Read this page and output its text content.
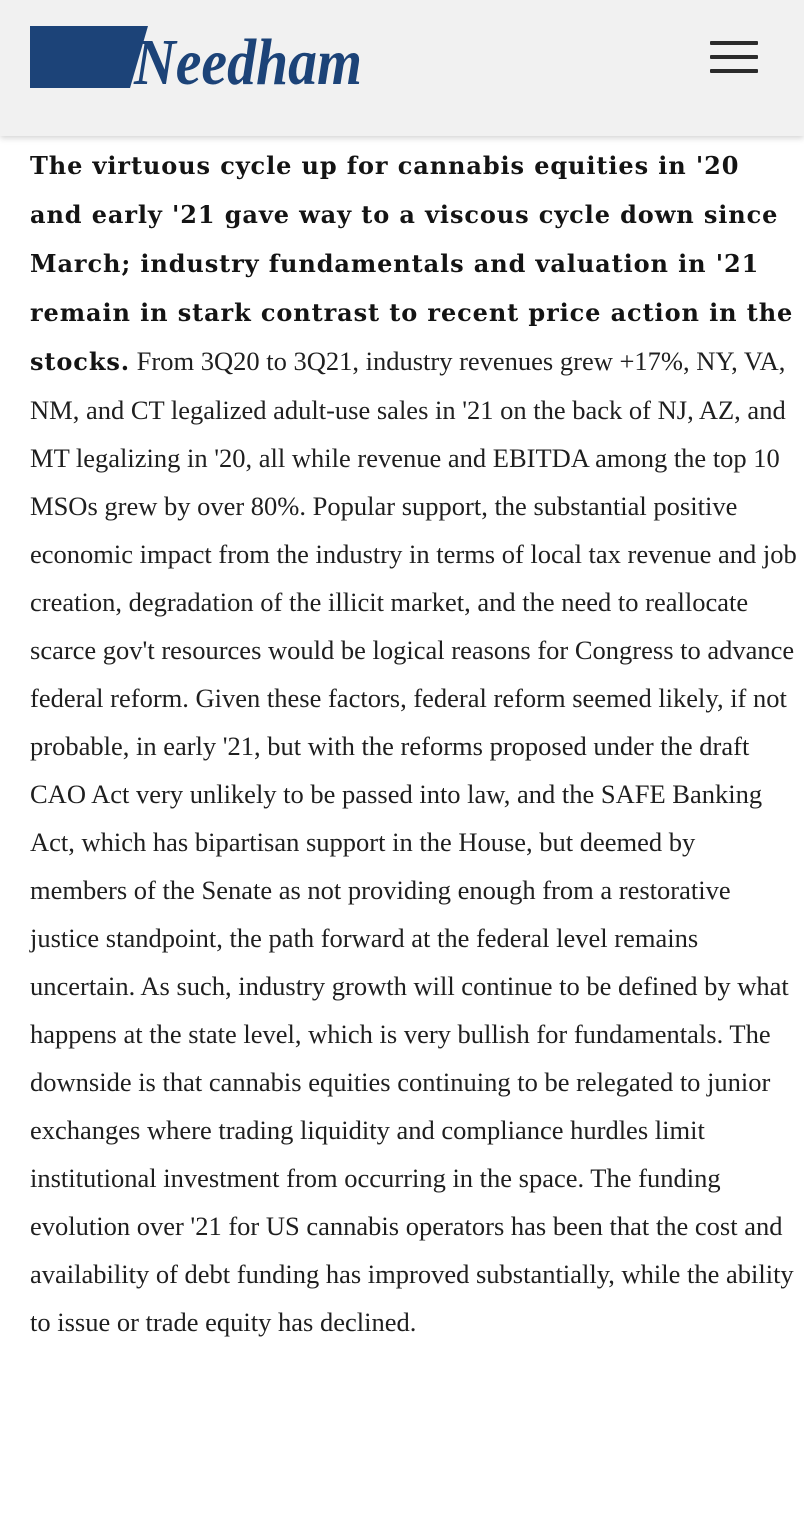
Needham

The virtuous cycle up for cannabis equities in '20 and early '21 gave way to a viscous cycle down since March; industry fundamentals and valuation in '21 remain in stark contrast to recent price action in the stocks. From 3Q20 to 3Q21, industry revenues grew +17%, NY, VA, NM, and CT legalized adult-use sales in '21 on the back of NJ, AZ, and MT legalizing in '20, all while revenue and EBITDA among the top 10 MSOs grew by over 80%. Popular support, the substantial positive economic impact from the industry in terms of local tax revenue and job creation, degradation of the illicit market, and the need to reallocate scarce gov't resources would be logical reasons for Congress to advance federal reform. Given these factors, federal reform seemed likely, if not probable, in early '21, but with the reforms proposed under the draft CAO Act very unlikely to be passed into law, and the SAFE Banking Act, which has bipartisan support in the House, but deemed by members of the Senate as not providing enough from a restorative justice standpoint, the path forward at the federal level remains uncertain. As such, industry growth will continue to be defined by what happens at the state level, which is very bullish for fundamentals. The downside is that cannabis equities continuing to be relegated to junior exchanges where trading liquidity and compliance hurdles limit institutional investment from occurring in the space. The funding evolution over '21 for US cannabis operators has been that the cost and availability of debt funding has improved substantially, while the ability to issue or trade equity has declined.
